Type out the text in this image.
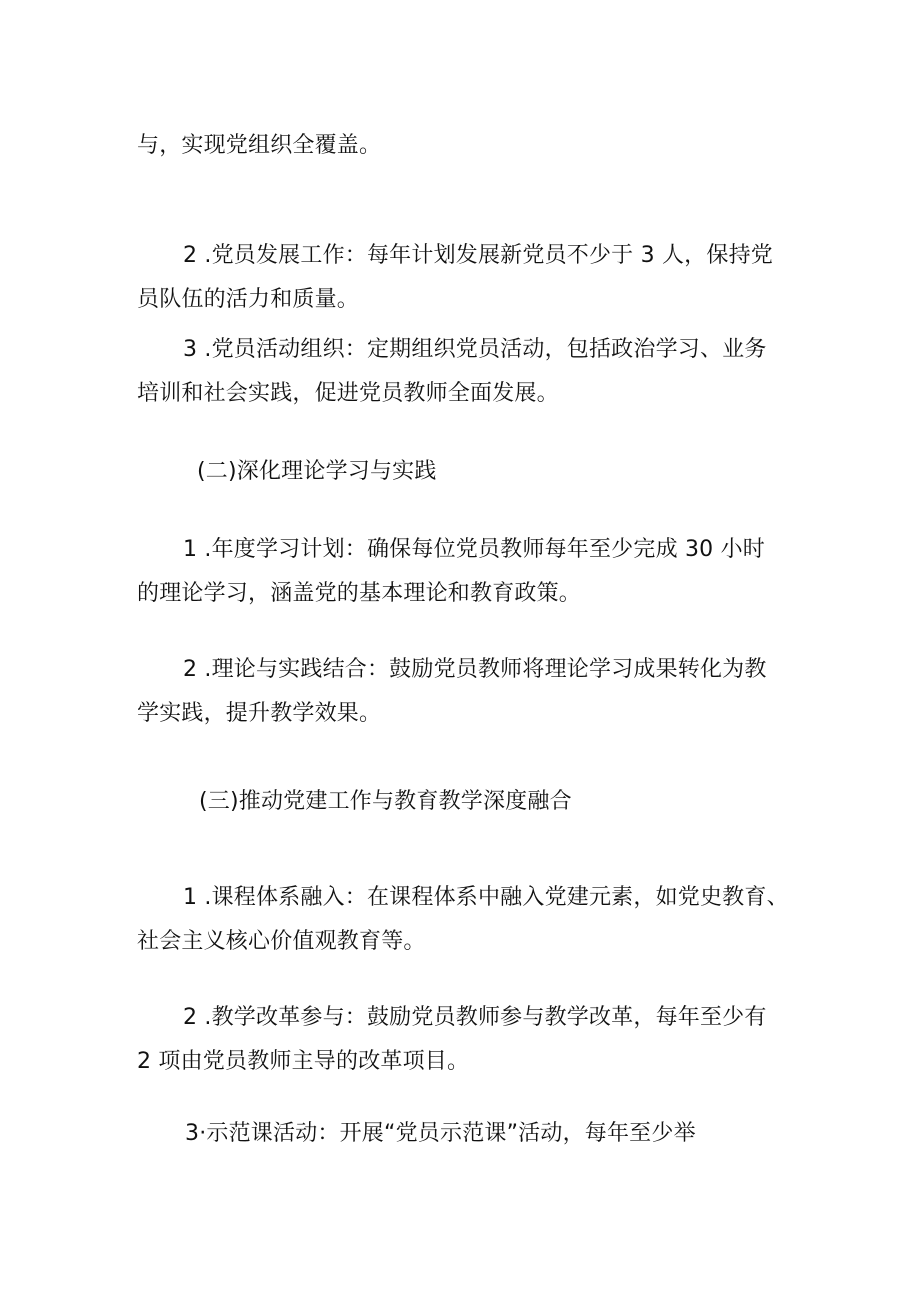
与，实现党组织全覆盖。

2 .党员发展工作：每年计划发展新党员不少于 3 人，保持党
员队伍的活力和质量。

3 .党员活动组织：定期组织党员活动，包括政治学习、业务
培训和社会实践，促进党员教师全面发展。

(二)深化理论学习与实践

1 .年度学习计划：确保每位党员教师每年至少完成 30 小时
的理论学习，涵盖党的基本理论和教育政策。

2 .理论与实践结合：鼓励党员教师将理论学习成果转化为教
学实践，提升教学效果。

(三)推动党建工作与教育教学深度融合

1 .课程体系融入：在课程体系中融入党建元素，如党史教育、
社会主义核心价值观教育等。

2 .教学改革参与：鼓励党员教师参与教学改革，每年至少有
2 项由党员教师主导的改革项目。

3·示范课活动：开展“党员示范课”活动，每年至少举
